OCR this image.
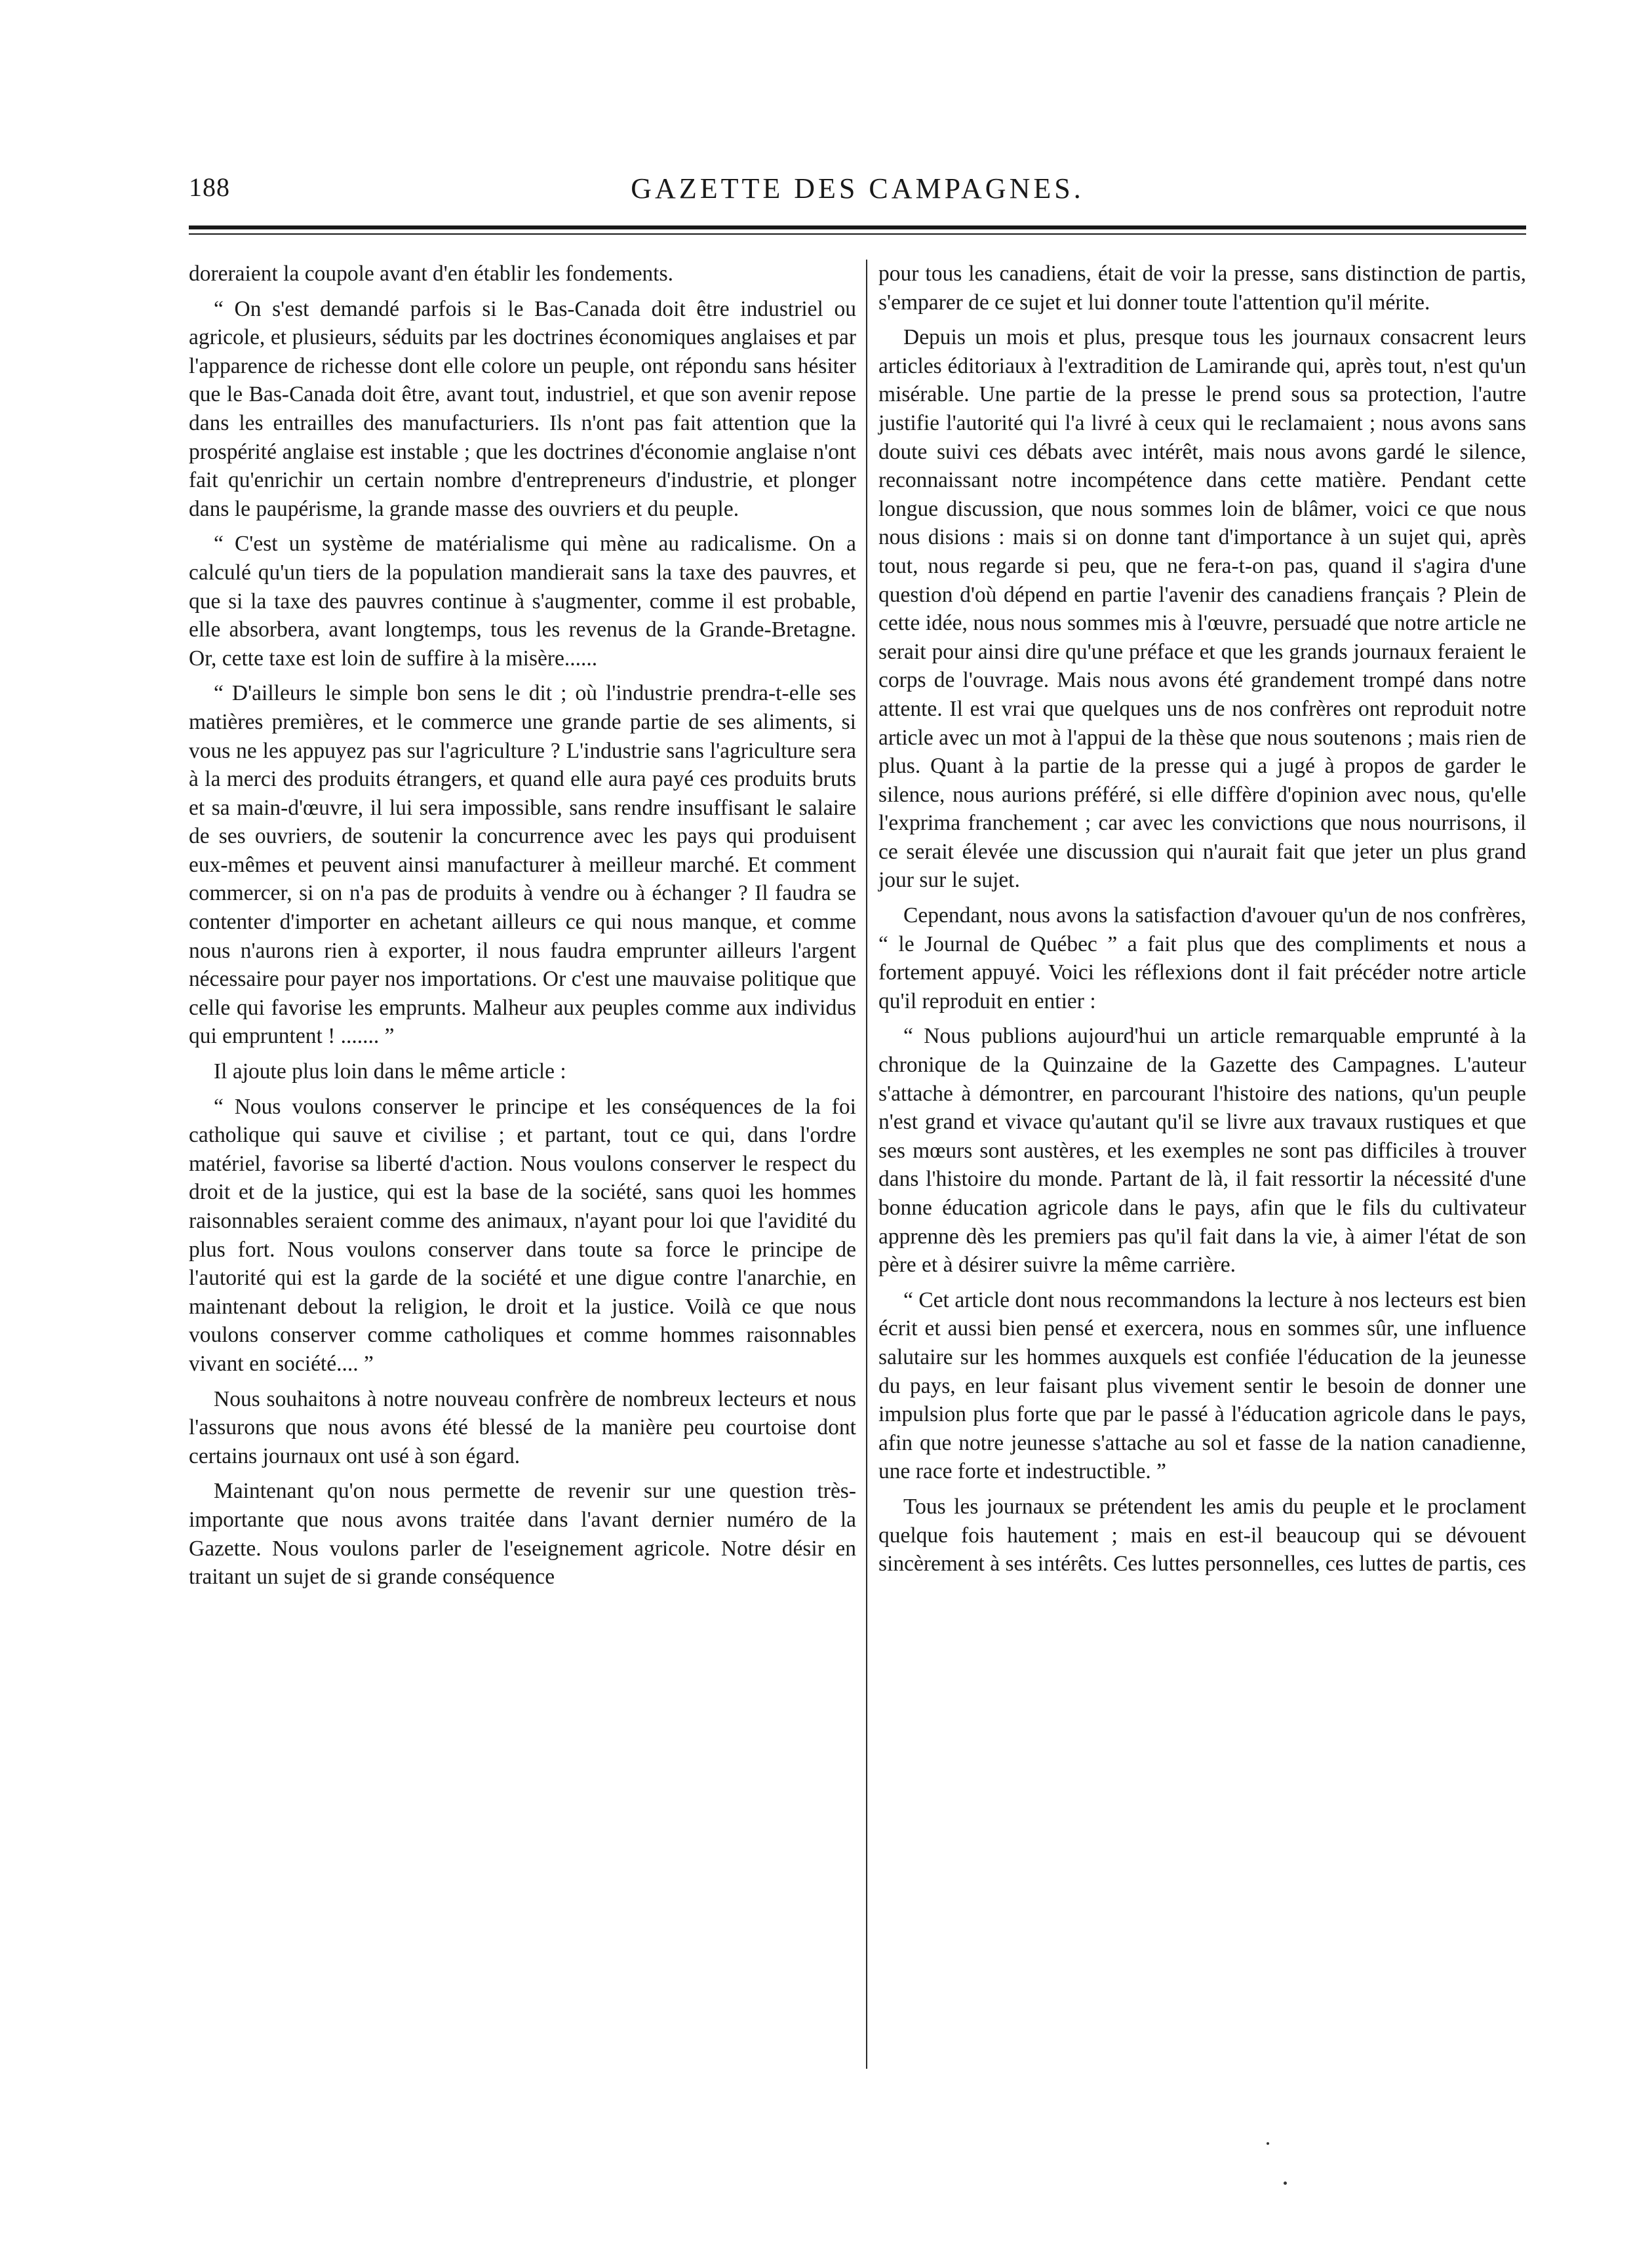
188	GAZETTE DES CAMPAGNES.

doreraient la coupole avant d'en établir les fondements.

“ On s'est demandé parfois si le Bas-Canada doit être industriel ou agricole, et plusieurs, séduits par les doctrines économiques anglaises et par l'apparence de richesse dont elle colore un peuple, ont répondu sans hésiter que le Bas-Canada doit être, avant tout, industriel, et que son avenir repose dans les entrailles des manufacturiers. Ils n'ont pas fait attention que la prospérité anglaise est instable ; que les doctrines d'économie anglaise n'ont fait qu'enrichir un certain nombre d'entrepreneurs d'industrie, et plonger dans le paupérisme, la grande masse des ouvriers et du peuple.

“ C'est un système de matérialisme qui mène au radicalisme. On a calculé qu'un tiers de la population mandierait sans la taxe des pauvres, et que si la taxe des pauvres continue à s'augmenter, comme il est probable, elle absorbera, avant longtemps, tous les revenus de la Grande-Bretagne. Or, cette taxe est loin de suffire à la misère......

“ D'ailleurs le simple bon sens le dit ; où l'industrie prendra-t-elle ses matières premières, et le commerce une grande partie de ses aliments, si vous ne les appuyez pas sur l'agriculture ? L'industrie sans l'agriculture sera à la merci des produits étrangers, et quand elle aura payé ces produits bruts et sa main-d'œuvre, il lui sera impossible, sans rendre insuffisant le salaire de ses ouvriers, de soutenir la concurrence avec les pays qui produisent eux-mêmes et peuvent ainsi manufacturer à meilleur marché. Et comment commercer, si on n'a pas de produits à vendre ou à échanger ? Il faudra se contenter d'importer en achetant ailleurs ce qui nous manque, et comme nous n'aurons rien à exporter, il nous faudra emprunter ailleurs l'argent nécessaire pour payer nos importations. Or c'est une mauvaise politique que celle qui favorise les emprunts. Malheur aux peuples comme aux individus qui empruntent ! ....... ”

Il ajoute plus loin dans le même article :

“ Nous voulons conserver le principe et les conséquences de la foi catholique qui sauve et civilise ; et partant, tout ce qui, dans l'ordre matériel, favorise sa liberté d'action. Nous voulons conserver le respect du droit et de la justice, qui est la base de la société, sans quoi les hommes raisonnables seraient comme des animaux, n'ayant pour loi que l'avidité du plus fort. Nous voulons conserver dans toute sa force le principe de l'autorité qui est la garde de la société et une digue contre l'anarchie, en maintenant debout la religion, le droit et la justice. Voilà ce que nous voulons conserver comme catholiques et comme hommes raisonnables vivant en société.... ”

Nous souhaitons à notre nouveau confrère de nombreux lecteurs et nous l'assurons que nous avons été blessé de la manière peu courtoise dont certains journaux ont usé à son égard.

Maintenant qu'on nous permette de revenir sur une question très-importante que nous avons traitée dans l'avant dernier numéro de la Gazette. Nous voulons parler de l'eseignement agricole. Notre désir en traitant un sujet de si grande conséquence

pour tous les canadiens, était de voir la presse, sans distinction de partis, s'emparer de ce sujet et lui donner toute l'attention qu'il mérite.

Depuis un mois et plus, presque tous les journaux consacrent leurs articles éditoriaux à l'extradition de Lamirande qui, après tout, n'est qu'un misérable. Une partie de la presse le prend sous sa protection, l'autre justifie l'autorité qui l'a livré à ceux qui le reclamaient ; nous avons sans doute suivi ces débats avec intérêt, mais nous avons gardé le silence, reconnaissant notre incompétence dans cette matière. Pendant cette longue discussion, que nous sommes loin de blâmer, voici ce que nous nous disions : mais si on donne tant d'importance à un sujet qui, après tout, nous regarde si peu, que ne fera-t-on pas, quand il s'agira d'une question d'où dépend en partie l'avenir des canadiens français ? Plein de cette idée, nous nous sommes mis à l'œuvre, persuadé que notre article ne serait pour ainsi dire qu'une préface et que les grands journaux feraient le corps de l'ouvrage. Mais nous avons été grandement trompé dans notre attente. Il est vrai que quelques uns de nos confrères ont reproduit notre article avec un mot à l'appui de la thèse que nous soutenons ; mais rien de plus. Quant à la partie de la presse qui a jugé à propos de garder le silence, nous aurions préféré, si elle diffère d'opinion avec nous, qu'elle l'exprima franchement ; car avec les convictions que nous nourrisons, il ce serait élevée une discussion qui n'aurait fait que jeter un plus grand jour sur le sujet.

Cependant, nous avons la satisfaction d'avouer qu'un de nos confrères, “ le Journal de Québec ” a fait plus que des compliments et nous a fortement appuyé. Voici les réflexions dont il fait précéder notre article qu'il reproduit en entier :

“ Nous publions aujourd'hui un article remarquable emprunté à la chronique de la Quinzaine de la Gazette des Campagnes. L'auteur s'attache à démontrer, en parcourant l'histoire des nations, qu'un peuple n'est grand et vivace qu'autant qu'il se livre aux travaux rustiques et que ses mœurs sont austères, et les exemples ne sont pas difficiles à trouver dans l'histoire du monde. Partant de là, il fait ressortir la nécessité d'une bonne éducation agricole dans le pays, afin que le fils du cultivateur apprenne dès les premiers pas qu'il fait dans la vie, à aimer l'état de son père et à désirer suivre la même carrière.

“ Cet article dont nous recommandons la lecture à nos lecteurs est bien écrit et aussi bien pensé et exercera, nous en sommes sûr, une influence salutaire sur les hommes auxquels est confiée l'éducation de la jeunesse du pays, en leur faisant plus vivement sentir le besoin de donner une impulsion plus forte que par le passé à l'éducation agricole dans le pays, afin que notre jeunesse s'attache au sol et fasse de la nation canadienne, une race forte et indestructible. ”

Tous les journaux se prétendent les amis du peuple et le proclament quelque fois hautement ; mais en est-il beaucoup qui se dévouent sincèrement à ses intérêts. Ces luttes personnelles, ces luttes de partis, ces
